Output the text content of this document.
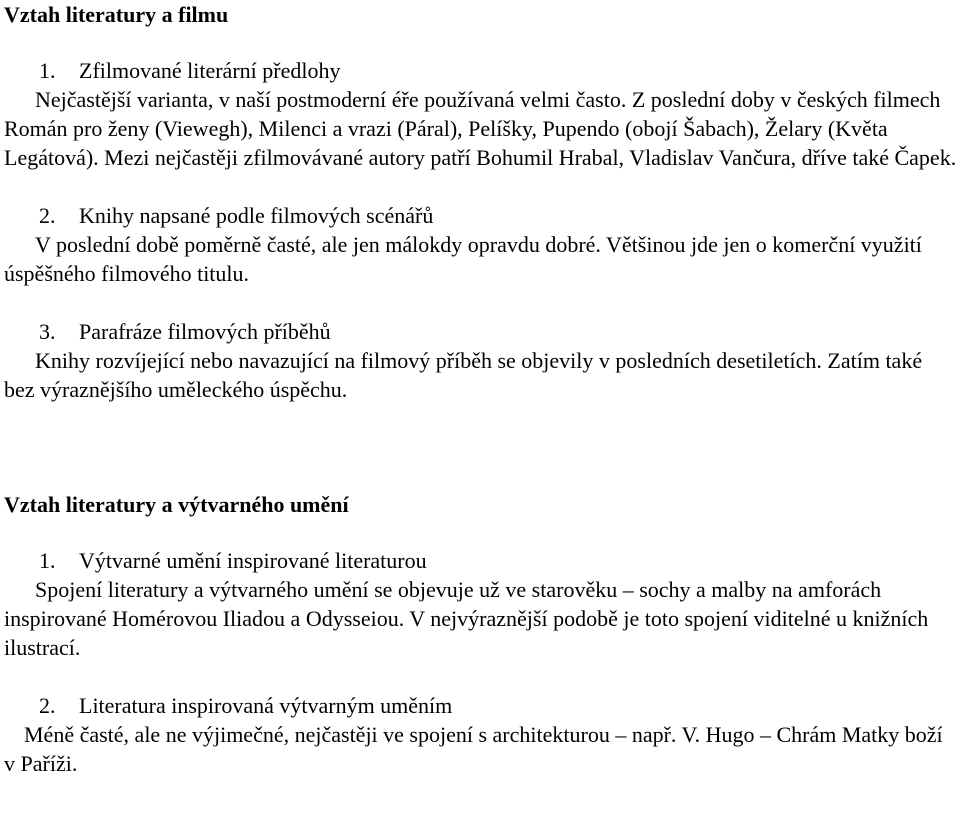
Vztah literatury a filmu
1. Zfilmované literární předlohy

Nejčastější varianta, v naší postmoderní éře používaná velmi často. Z poslední doby v českých filmech Román pro ženy (Viewegh), Milenci a vrazi (Páral), Pelíšky, Pupendo (obojí Šabach), Želary (Květa Legátová). Mezi nejčastěji zfilmovávané autory patří Bohumil Hrabal, Vladislav Vančura, dříve také Čapek.

2. Knihy napsané podle filmových scénářů

V poslední době poměrně časté, ale jen málokdy opravdu dobré. Většinou jde jen o komerční využití úspěšného filmového titulu.

3. Parafráze filmových příběhů

Knihy rozvíjející nebo navazující na filmový příběh se objevily v posledních desetiletích. Zatím také bez výraznějšího uměleckého úspěchu.

Vztah literatury a výtvarného umění
1. Výtvarné umění inspirované literaturou

Spojení literatury a výtvarného umění se objevuje už ve starověku – sochy a malby na amforách inspirované Homérovou Iliadou a Odysseiou. V nejvýraznější podobě je toto spojení viditelné u knižních ilustrací.

2. Literatura inspirovaná výtvarným uměním

Méně časté, ale ne výjimečné, nejčastěji ve spojení s architekturou – např. V. Hugo – Chrám Matky boží v Paříži.
